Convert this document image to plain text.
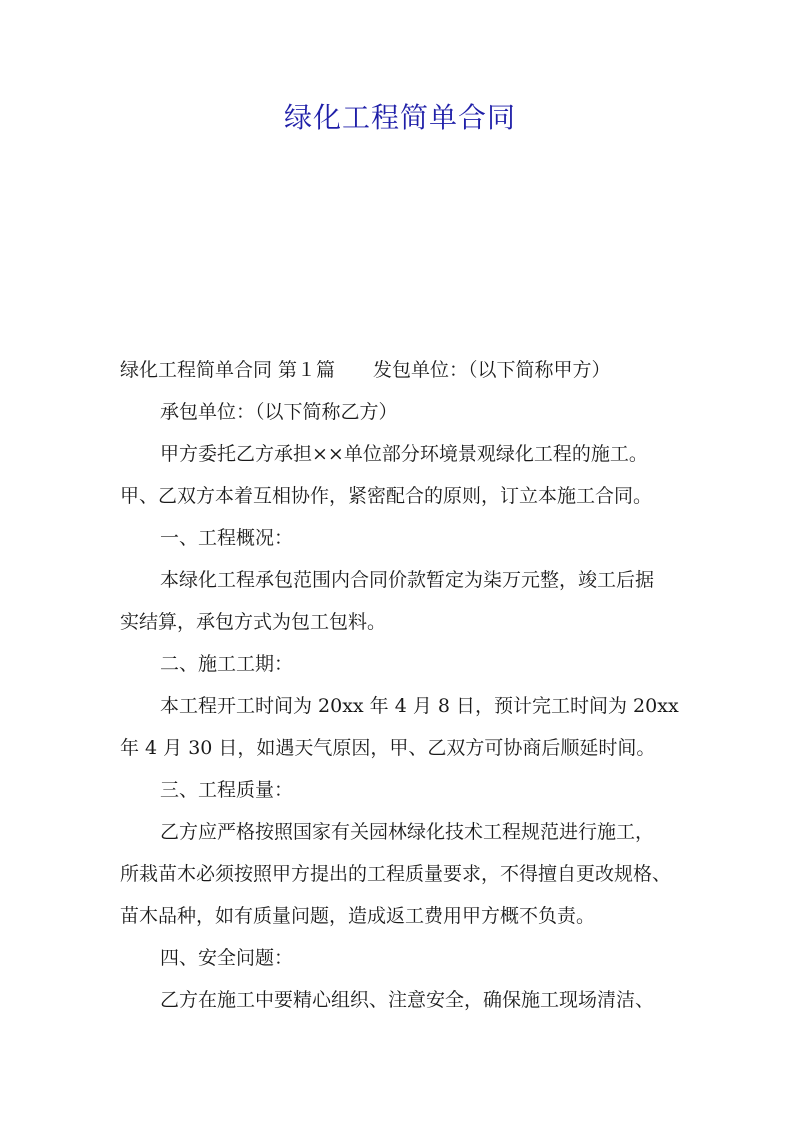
绿化工程简单合同

绿化工程简单合同 第１篇 发包单位：（以下简称甲方）

承包单位：（以下简称乙方）

甲方委托乙方承担××单位部分环境景观绿化工程的施工。

甲、乙双方本着互相协作，紧密配合的原则，订立本施工合同。

一、工程概况：

本绿化工程承包范围内合同价款暂定为柒万元整，竣工后据

实结算，承包方式为包工包料。

二、施工工期：

本工程开工时间为 20xx 年 4 月 8 日，预计完工时间为 20xx

年 4 月 30 日，如遇天气原因，甲、乙双方可协商后顺延时间。

三、工程质量：

乙方应严格按照国家有关园林绿化技术工程规范进行施工，

所栽苗木必须按照甲方提出的工程质量要求，不得擅自更改规格、

苗木品种，如有质量问题，造成返工费用甲方概不负责。

四、安全问题：

乙方在施工中要精心组织、注意安全，确保施工现场清洁、
